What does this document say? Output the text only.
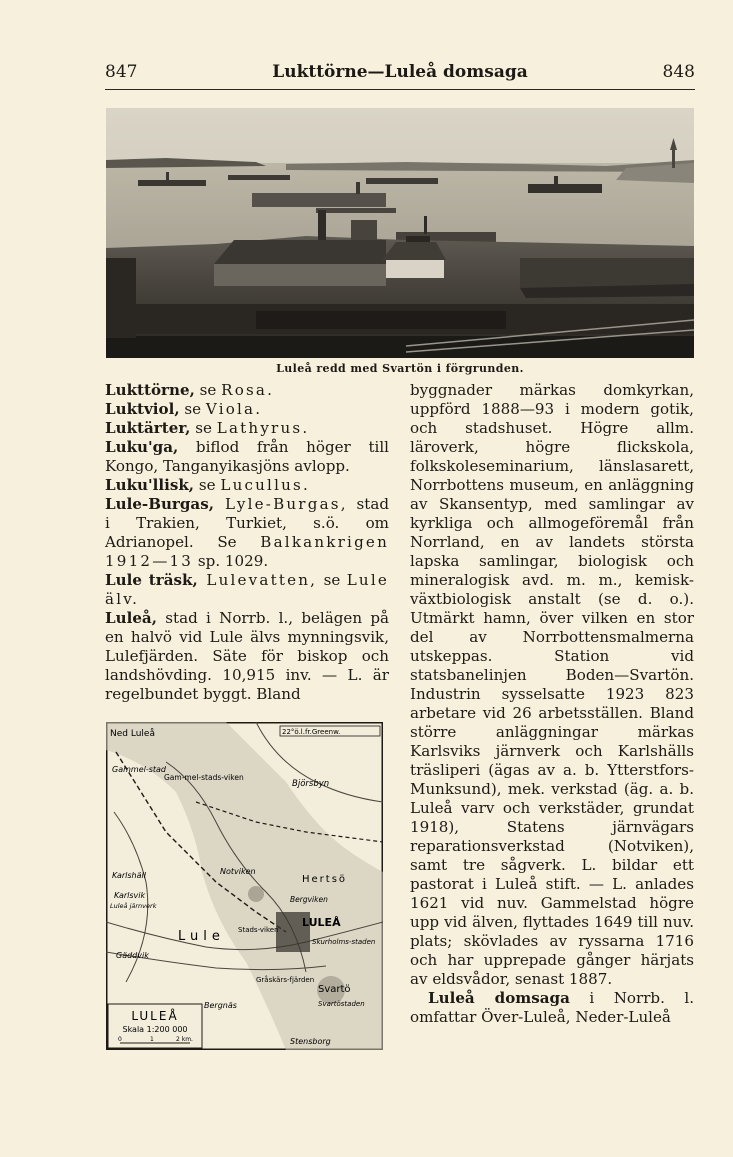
847	Lukttörne—Luleå domsaga	848
Luleå redd med Svartön i förgrunden.

Lukttörne, se Rosa.

Luktviol, se Viola.

Luktärter, se Lathyrus.

Luku'ga, biflod från höger till Kongo, Tanganyikasjöns avlopp.

Luku'llisk, se Lucullus.

Lule-Burgas, Lyle-Burgas, stad i Trakien, Turkiet, s.ö. om Adrianopel. Se Balkankrigen 1912—13 sp. 1029.

Lule träsk, Lulevatten, se Lule älv.

Luleå, stad i Norrb. l., belägen på en halvö vid Lule älvs mynningsvik, Lulefjärden. Säte för biskop och landshövding. 10,915 inv. — L. är regelbundet byggt. Bland

22°ö.l.fr.Greenw.
Ned Luleå
Gammel-stad
Gam-mel-stads-viken
Björsbyn
Karlshäll	Notviken
Hertsö
Karlsvik
Luleå järnverk
Bergviken
LULEÅ
Stads-viken
Skurholms-staden
Lule
Gäddvik
Gråskärs-fjärden
Svartö
Svartöstaden
Bergnäs
Stensborg
LULEÅ
Skala 1:200 000
0	1	2 km.

byggnader märkas domkyrkan, uppförd 1888—93 i modern gotik, och stadshuset. Högre allm. läroverk, högre flickskola, folkskoleseminarium, länslasarett, Norrbottens museum, en anläggning av Skansentyp, med samlingar av kyrkliga och allmogeföremål från Norrland, en av landets största lapska samlingar, biologisk och mineralogisk avd. m. m., kemisk-växtbiologisk anstalt (se d. o.). Utmärkt hamn, över vilken en stor del av Norrbottensmalmerna utskeppas. Station vid statsbanelinjen Boden—Svartön. Industrin sysselsatte 1923 823 arbetare vid 26 arbetsställen. Bland större anläggningar märkas Karlsviks järnverk och Karlshälls träsliperi (ägas av a. b. Ytterstfors-Munksund), mek. verkstad (äg. a. b. Luleå varv och verkstäder, grundat 1918), Statens järnvägars reparationsverkstad (Notviken), samt tre sågverk. L. bildar ett pastorat i Luleå stift. — L. anlades 1621 vid nuv. Gammelstad högre upp vid älven, flyttades 1649 till nuv. plats; skövlades av ryssarna 1716 och har upprepade gånger härjats av eldsvådor, senast 1887.

Luleå domsaga i Norrb. l. omfattar Över-Luleå, Neder-Luleå
